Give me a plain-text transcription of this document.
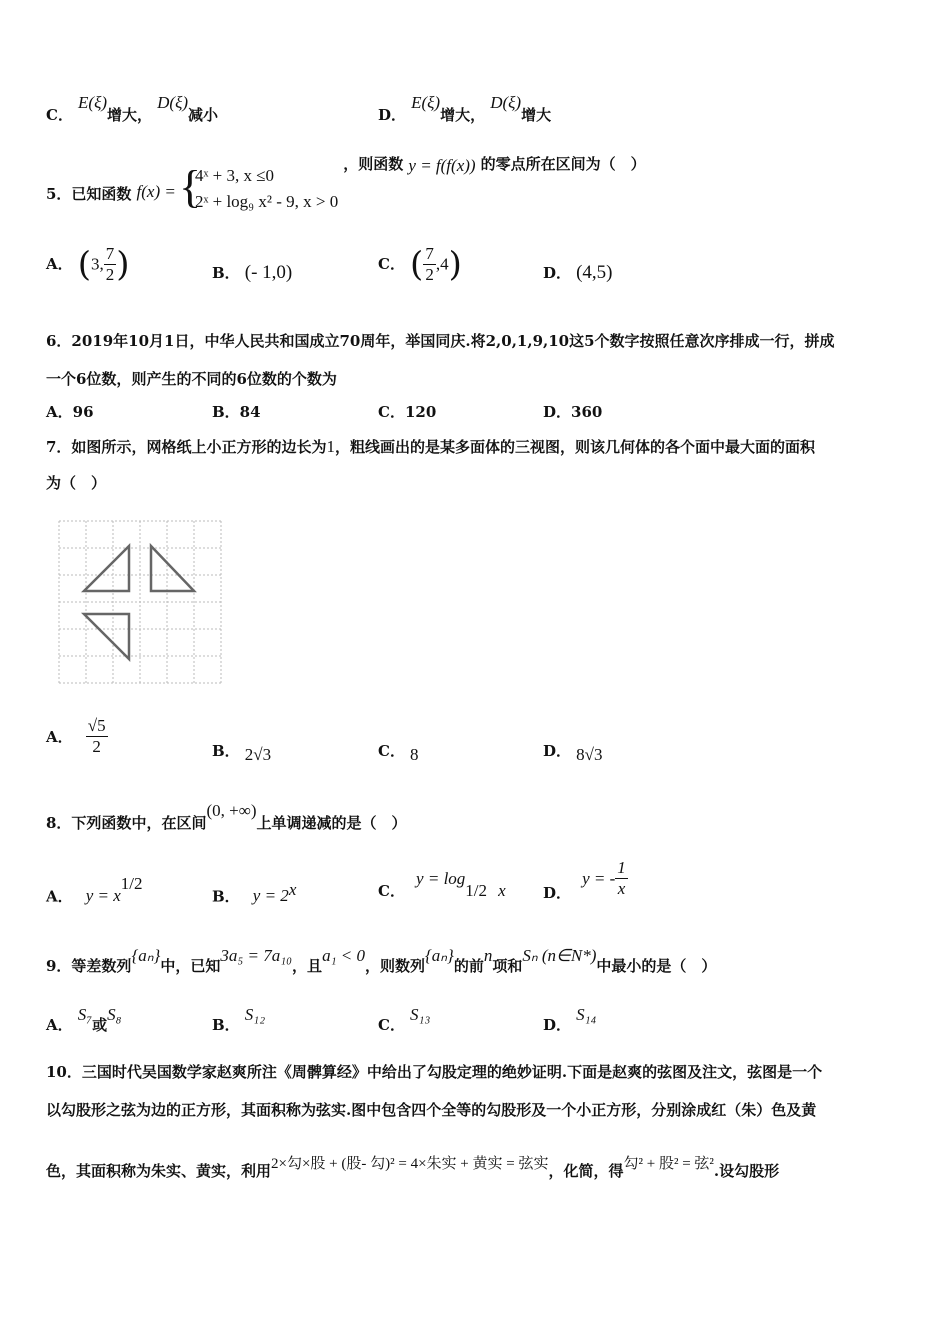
C． E(ξ)增大， D(ξ)减小	D． E(ξ)增大， D(ξ)增大
5．已知函数 f(x) = {
4ˣ + 3, x ≤0
2ˣ + log₉ x² - 9, x > 0
，则函数 y = f(f(x)) 的零点所在区间为（　）
A． (3, $\frac{7}{2}$ )	B． (- 1,0)	C． ( $\frac{7}{2} ,4$)	D． (4,5)
6．2019年10月1日，中华人民共和国成立70周年，举国同庆.将2,0,1,9,10这5个数字按照任意次序排成一行，拼成
一个6位数，则产生的不同的6位数的个数为
A．96	B．84	C．120	D．360
7．如图所示，网格纸上小正方形的边长为1，粗线画出的是某多面体的三视图，则该几何体的各个面中最大面的面积
为（　）
A． $\frac{√5}{2}$	B． 2√3	C． 8	D． 8√3
8．下列函数中，在区间(0, +∞)上单调递减的是（　）
A． $y = x^{1/2}$
B． $y = 2^x$	C． $y = \log_{1/2} x$ D． y = - $\frac{1}{x}$
9．等差数列{aₙ}中，已知3a₅ = 7a₁₀，且a₁ < 0，则数列{aₙ}的前n项和Sₙ (n∈N*)中最小的是（　）
A． S₇或S₈
B． S₁₂
C． S₁₃
D． S₁₄
10．三国时代吴国数学家赵爽所注《周髀算经》中给出了勾股定理的绝妙证明.下面是赵爽的弦图及注文，弦图是一个
以勾股形之弦为边的正方形，其面积称为弦实.图中包含四个全等的勾股形及一个小正方形，分别涂成红（朱）色及黄
色，其面积称为朱实、黄实，利用2×勾×股 + (股- 勾)² = 4×朱实 + 黄实 = 弦实，化简，得勾² + 股² = 弦².设勾股形
